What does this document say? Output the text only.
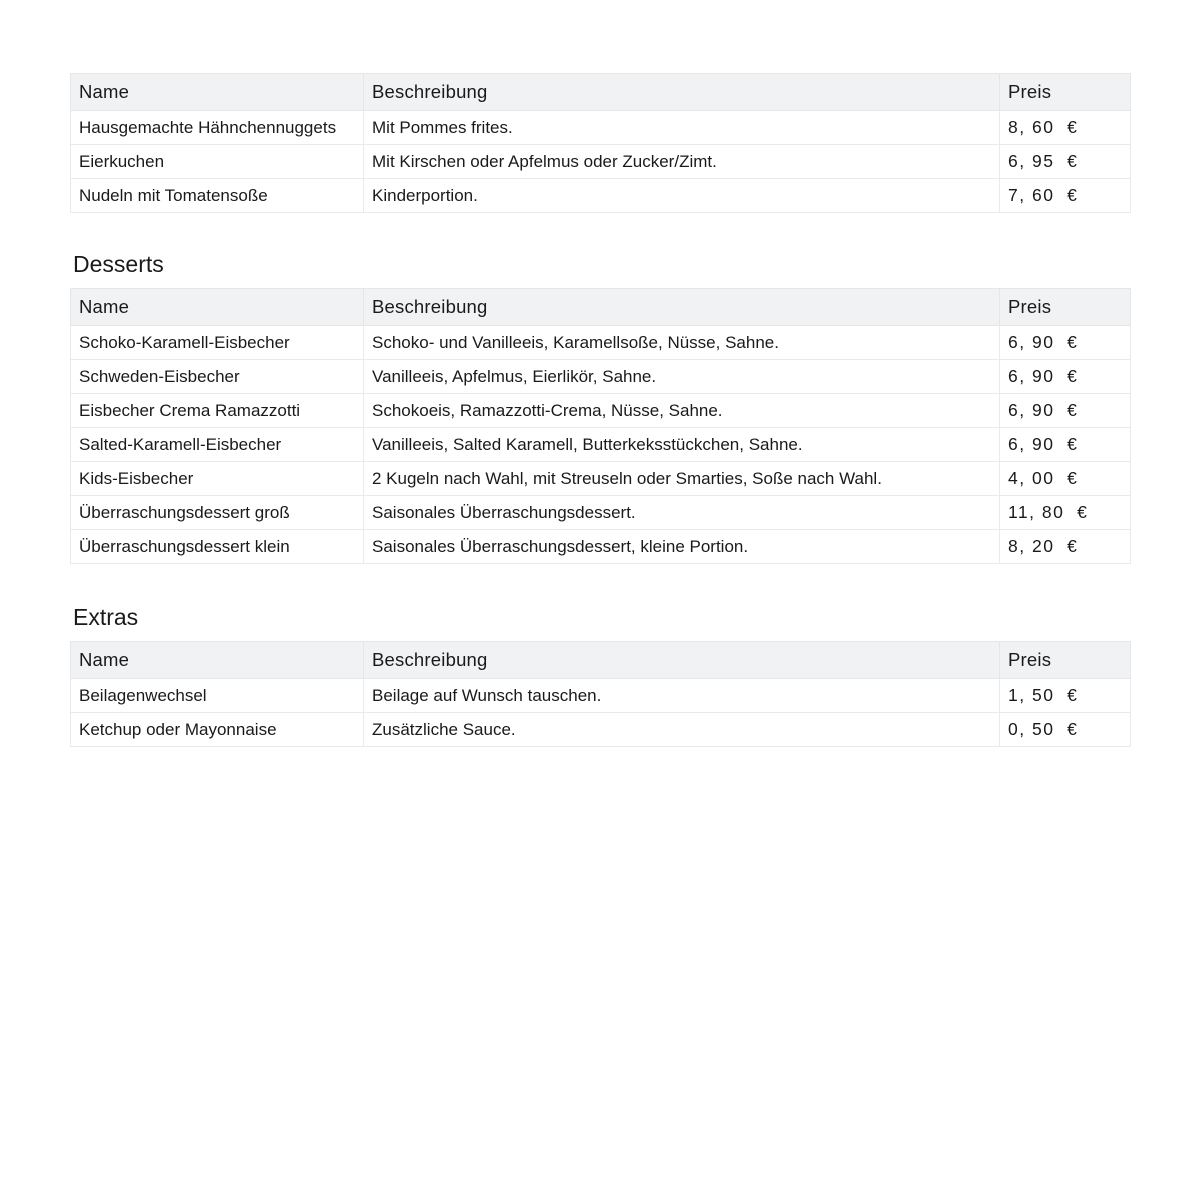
Name	Beschreibung	Preis
Hausgemachte Hähnchennuggets	Mit Pommes frites.	8, 60  €
Eierkuchen	Mit Kirschen oder Apfelmus oder Zucker/Zimt.	6, 95  €
Nudeln mit Tomatensoße	Kinderportion.	7, 60  €
Desserts
Name	Beschreibung	Preis
Schoko-Karamell-Eisbecher	Schoko- und Vanilleeis, Karamellsoße, Nüsse, Sahne.	6, 90  €
Schweden-Eisbecher	Vanilleeis, Apfelmus, Eierlikör, Sahne.	6, 90  €
Eisbecher Crema Ramazzotti	Schokoeis, Ramazzotti-Crema, Nüsse, Sahne.	6, 90  €
Salted-Karamell-Eisbecher	Vanilleeis, Salted Karamell, Butterkeksstückchen, Sahne.	6, 90  €
Kids-Eisbecher	2 Kugeln nach Wahl, mit Streuseln oder Smarties, Soße nach Wahl.	4, 00  €
Überraschungsdessert groß	Saisonales Überraschungsdessert.	11, 80  €
Überraschungsdessert klein	Saisonales Überraschungsdessert, kleine Portion.	8, 20  €
Extras
Name	Beschreibung	Preis
Beilagenwechsel	Beilage auf Wunsch tauschen.	1, 50  €
Ketchup oder Mayonnaise	Zusätzliche Sauce.	0, 50  €
